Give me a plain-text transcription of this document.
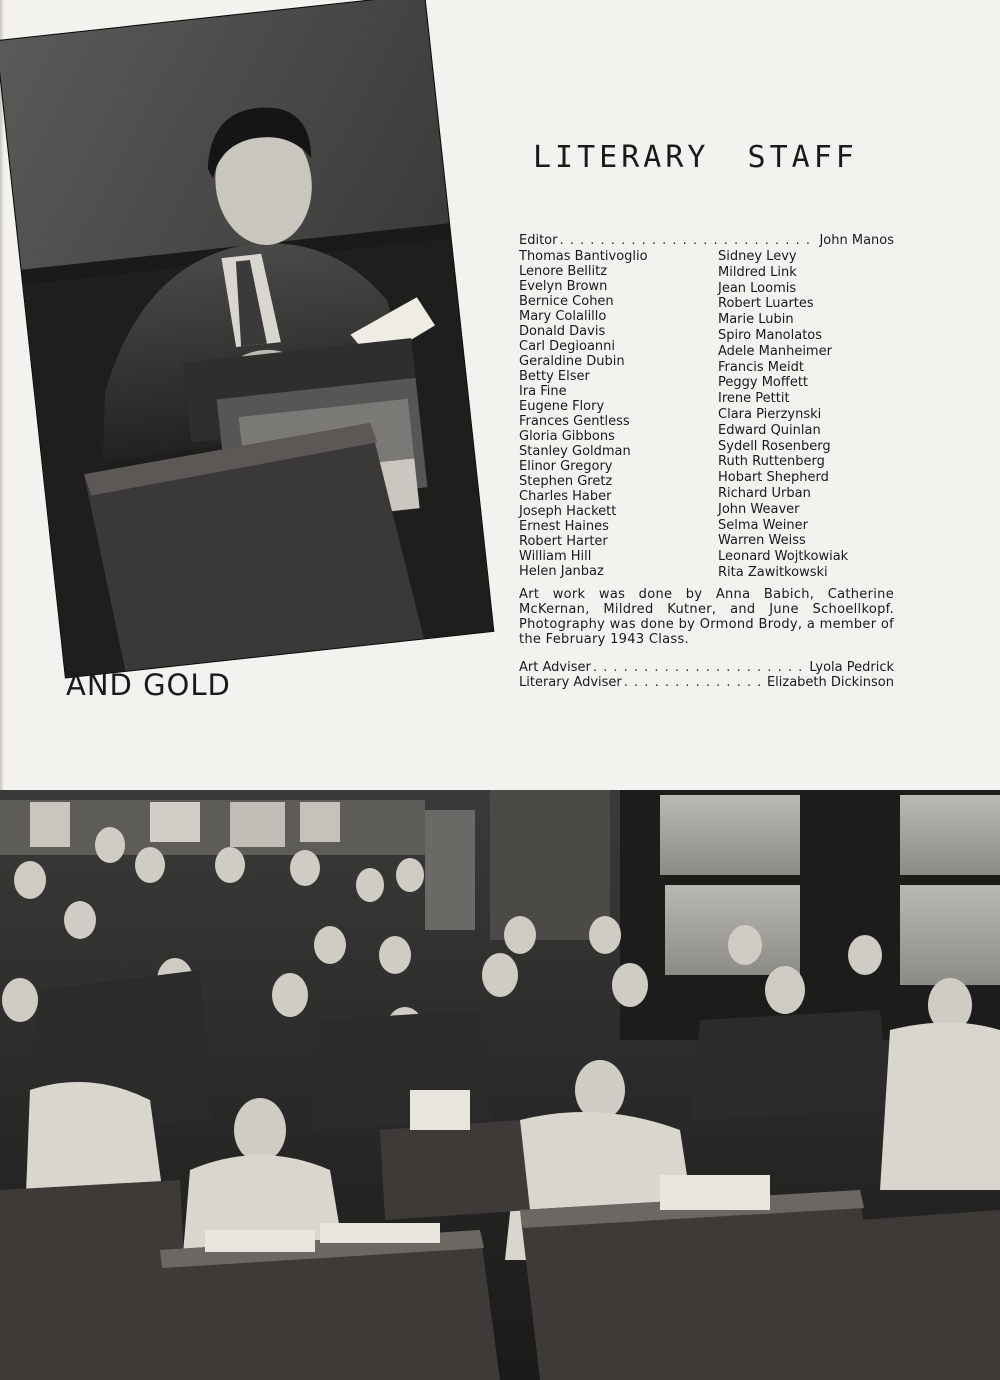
LITERARY STAFF
Editor . . .	John Manos
Thomas Bantivoglio
Lenore Bellitz
Evelyn Brown
Bernice Cohen
Mary Colalillo
Donald Davis
Carl Degioanni
Geraldine Dubin
Betty Elser
Ira Fine
Eugene Flory
Frances Gentless
Gloria Gibbons
Stanley Goldman
Elinor Gregory
Stephen Gretz
Charles Haber
Joseph Hackett
Ernest Haines
Robert Harter
William Hill
Helen Janbaz
Sidney Levy
Mildred Link
Jean Loomis
Robert Luartes
Marie Lubin
Spiro Manolatos
Adele Manheimer
Francis Meidt
Peggy Moffett
Irene Pettit
Clara Pierzynski
Edward Quinlan
Sydell Rosenberg
Ruth Ruttenberg
Hobart Shepherd
Richard Urban
John Weaver
Selma Weiner
Warren Weiss
Leonard Wojtkowiak
Rita Zawitkowski

Art work was done by Anna Babich, Catherine McKernan, Mildred Kutner, and June Schoellkopf. Photography was done by Ormond Brody, a member of the February 1943 Class.

Art Adviser . . .	Lyola Pedrick
Literary Adviser . . .	Elizabeth Dickinson
AND GOLD
